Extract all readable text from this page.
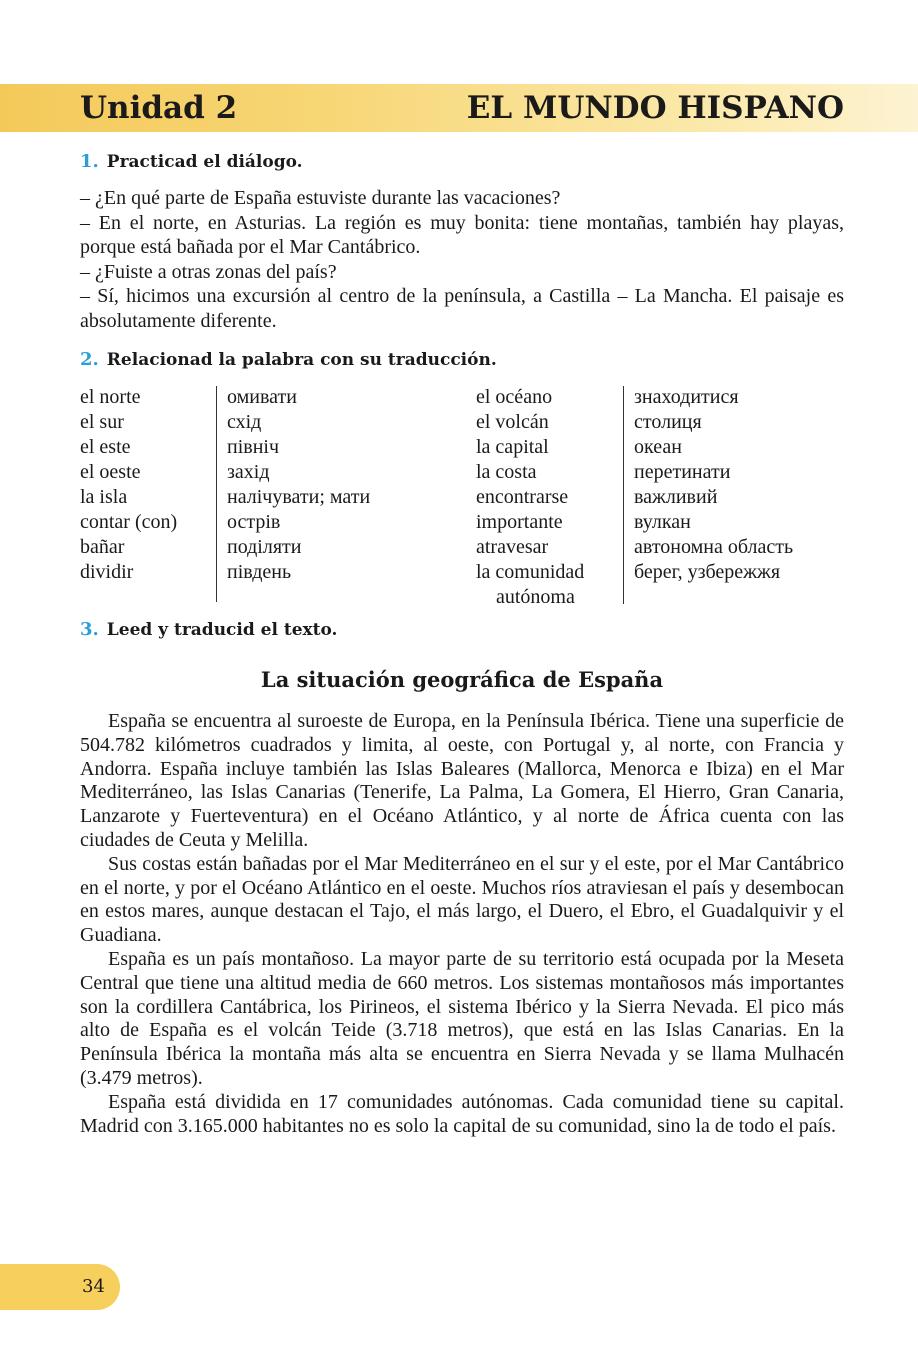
Unidad 2	EL MUNDO HISPANO
1. Practicad el diálogo.

– ¿En qué parte de España estuviste durante las vacaciones?

– En el norte, en Asturias. La región es muy bonita: tiene montañas, también hay playas, porque está bañada por el Mar Cantábrico.

– ¿Fuiste a otras zonas del país?

– Sí, hicimos una excursión al centro de la península, a Castilla – La Mancha. El paisaje es absolutamente diferente.

2. Relacionad la palabra con su traducción.
el norte
el sur
el este
el oeste
la isla
contar (con)
bañar
dividir
омивати
схід
північ
захід
налічувати; мати
острів
поділяти
південь
el océano
el volcán
la capital
la costa
encontrarse
importante
atravesar
la comunidad
autónoma
знаходитися
столиця
океан
перетинати
важливий
вулкан
автономна область
берег, узбережжя
3. Leed y traducid el texto.
La situación geográfica de España

España se encuentra al suroeste de Europa, en la Península Ibérica. Tiene una superficie de 504.782 kilómetros cuadrados y limita, al oeste, con Portugal y, al norte, con Francia y Andorra. España incluye también las Islas Baleares (Mallorca, Menorca e Ibiza) en el Mar Mediterráneo, las Islas Canarias (Tenerife, La Palma, La Gomera, El Hierro, Gran Canaria, Lanzarote y Fuerteventura) en el Océano Atlántico, y al norte de África cuenta con las ciudades de Ceuta y Melilla.

Sus costas están bañadas por el Mar Mediterráneo en el sur y el este, por el Mar Cantábrico en el norte, y por el Océano Atlántico en el oeste. Muchos ríos atraviesan el país y desembocan en estos mares, aunque destacan el Tajo, el más largo, el Duero, el Ebro, el Guadalquivir y el Guadiana.

España es un país montañoso. La mayor parte de su territorio está ocupada por la Meseta Central que tiene una altitud media de 660 metros. Los sistemas montañosos más importantes son la cordillera Cantábrica, los Pirineos, el sistema Ibérico y la Sierra Nevada. El pico más alto de España es el volcán Teide (3.718 metros), que está en las Islas Canarias. En la Península Ibérica la montaña más alta se encuentra en Sierra Nevada y se llama Mulhacén (3.479 metros).

España está dividida en 17 comunidades autónomas. Cada comunidad tiene su capital. Madrid con 3.165.000 habitantes no es solo la capital de su comunidad, sino la de todo el país.

34
